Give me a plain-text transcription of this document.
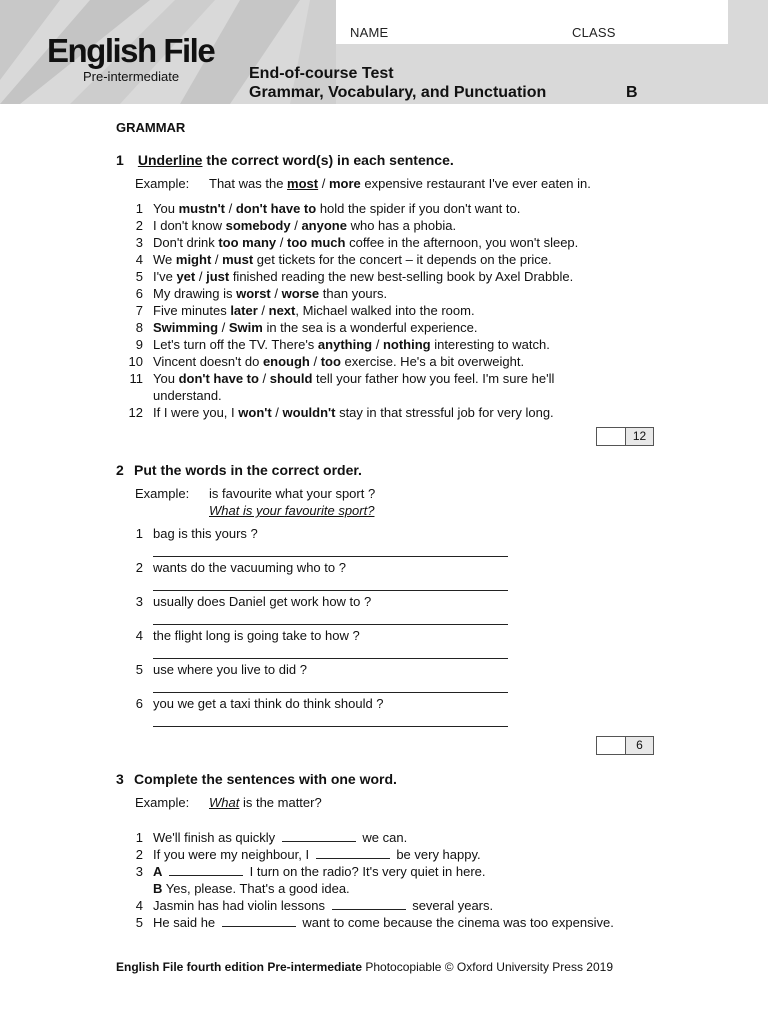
NAME	CLASS
English File
Pre-intermediate	End-of-course Test
Grammar, Vocabulary, and Punctuation	B
GRAMMAR
1 Underline the correct word(s) in each sentence.
Example: That was the most / more expensive restaurant I've ever eaten in.
1 You mustn't / don't have to hold the spider if you don't want to.
2 I don't know somebody / anyone who has a phobia.
3 Don't drink too many / too much coffee in the afternoon, you won't sleep.
4 We might / must get tickets for the concert – it depends on the price.
5 I've yet / just finished reading the new best-selling book by Axel Drabble.
6 My drawing is worst / worse than yours.
7 Five minutes later / next, Michael walked into the room.
8 Swimming / Swim in the sea is a wonderful experience.
9 Let's turn off the TV. There's anything / nothing interesting to watch.
10 Vincent doesn't do enough / too exercise. He's a bit overweight.
11 You don't have to / should tell your father how you feel. I'm sure he'll understand.
12 If I were you, I won't / wouldn't stay in that stressful job for very long.
12
2 Put the words in the correct order.
Example: is favourite what your sport ?
What is your favourite sport?
1 bag is this yours ?
2 wants do the vacuuming who to ?
3 usually does Daniel get work how to ?
4 the flight long is going take to how ?
5 use where you live to did ?
6 you we get a taxi think do think should ?
6
3 Complete the sentences with one word.
Example: What is the matter?
1 We'll finish as quickly	we can.
2 If you were my neighbour, I	be very happy.
3 A	I turn on the radio? It's very quiet in here.
B Yes, please. That's a good idea.
4 Jasmin has had violin lessons	several years.
5 He said he	want to come because the cinema was too expensive.
English File fourth edition Pre-intermediate Photocopiable © Oxford University Press 2019
